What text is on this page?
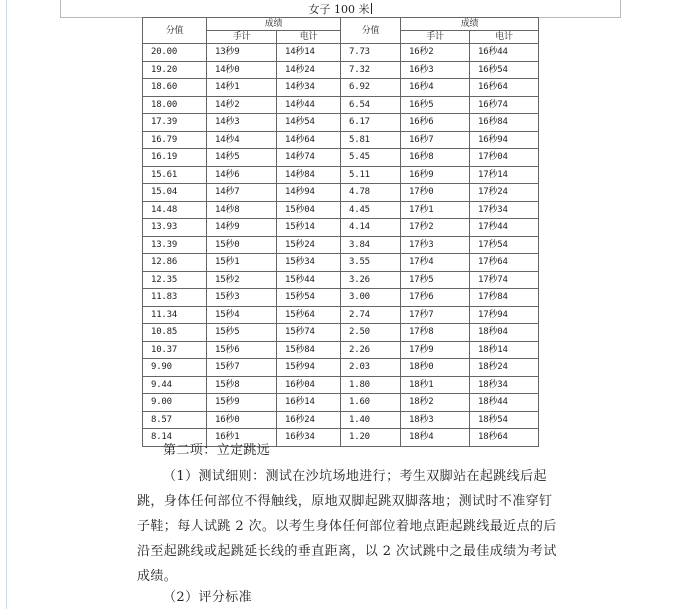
女子 100 米
分值	成绩		分值	成绩	
	手计	电计		手计	电计
20.00	13秒9	14秒14	7.73	16秒2	16秒44
19.20	14秒0	14秒24	7.32	16秒3	16秒54
18.60	14秒1	14秒34	6.92	16秒4	16秒64
18.00	14秒2	14秒44	6.54	16秒5	16秒74
17.39	14秒3	14秒54	6.17	16秒6	16秒84
16.79	14秒4	14秒64	5.81	16秒7	16秒94
16.19	14秒5	14秒74	5.45	16秒8	17秒04
15.61	14秒6	14秒84	5.11	16秒9	17秒14
15.04	14秒7	14秒94	4.78	17秒0	17秒24
14.48	14秒8	15秒04	4.45	17秒1	17秒34
13.93	14秒9	15秒14	4.14	17秒2	17秒44
13.39	15秒0	15秒24	3.84	17秒3	17秒54
12.86	15秒1	15秒34	3.55	17秒4	17秒64
12.35	15秒2	15秒44	3.26	17秒5	17秒74
11.83	15秒3	15秒54	3.00	17秒6	17秒84
11.34	15秒4	15秒64	2.74	17秒7	17秒94
10.85	15秒5	15秒74	2.50	17秒8	18秒04
10.37	15秒6	15秒84	2.26	17秒9	18秒14
9.90	15秒7	15秒94	2.03	18秒0	18秒24
9.44	15秒8	16秒04	1.80	18秒1	18秒34
9.00	15秒9	16秒14	1.60	18秒2	18秒44
8.57	16秒0	16秒24	1.40	18秒3	18秒54
8.14	16秒1	16秒34	1.20	18秒4	18秒64
第二项：立定跳远
（1）测试细则：测试在沙坑场地进行；考生双脚站在起跳线后起跳，身体任何部位不得触线，原地双脚起跳双脚落地；测试时不准穿钉子鞋；每人试跳 2 次。以考生身体任何部位着地点距起跳线最近点的后沿至起跳线或起跳延长线的垂直距离，以 2 次试跳中之最佳成绩为考试成绩。
（2）评分标准
